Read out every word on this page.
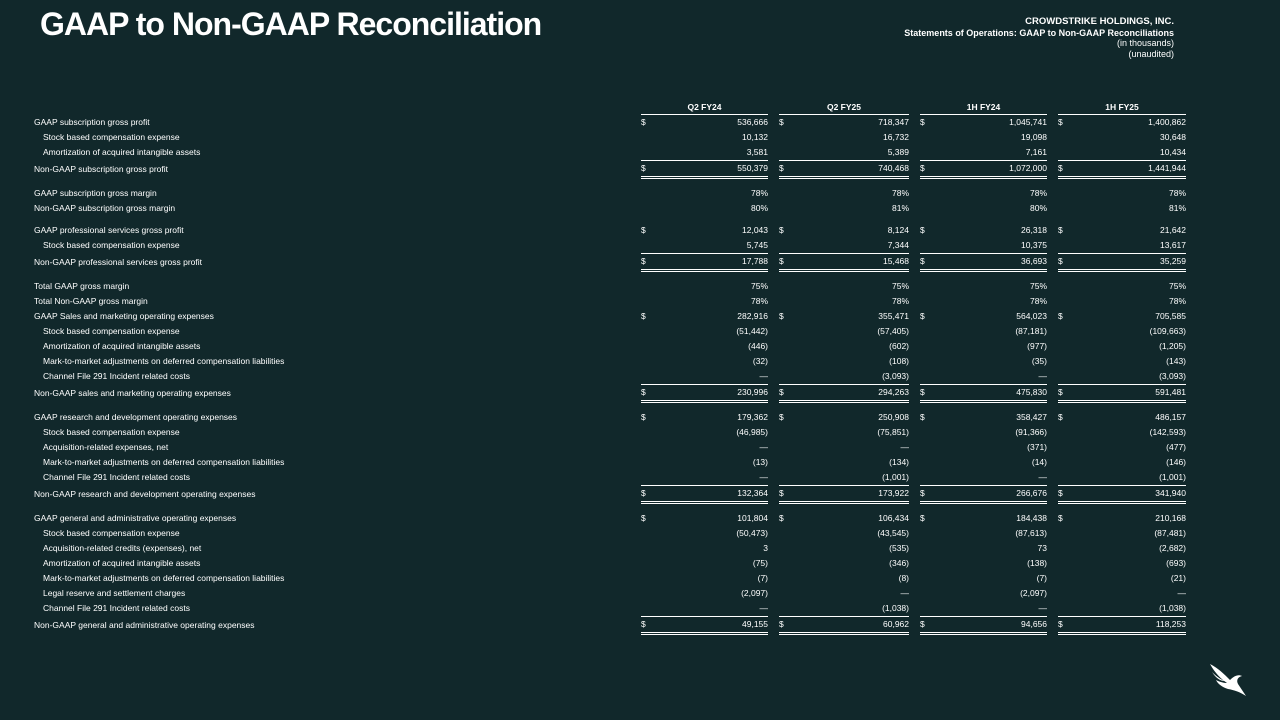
GAAP to Non-GAAP Reconciliation	CROWDSTRIKE HOLDINGS, INC.
Statements of Operations: GAAP to Non-GAAP Reconciliations
(in thousands)
(unaudited)
	Q2 FY24			Q2 FY25			1H FY24			1H FY25	
GAAP subscription gross profit	$	536,666		$	718,347		$	1,045,741		$	1,400,862
Stock based compensation expense		10,132			16,732			19,098			30,648
Amortization of acquired intangible assets		3,581			5,389			7,161			10,434
Non-GAAP subscription gross profit	$	550,379		$	740,468		$	1,072,000		$	1,441,944

GAAP subscription gross margin		78%			78%			78%			78%
Non-GAAP subscription gross margin		80%			81%			80%			81%

GAAP professional services gross profit	$	12,043		$	8,124		$	26,318		$	21,642
Stock based compensation expense		5,745			7,344			10,375			13,617
Non-GAAP professional services gross profit	$	17,788		$	15,468		$	36,693		$	35,259

Total GAAP gross margin		75%			75%			75%			75%
Total Non-GAAP gross margin		78%			78%			78%			78%
GAAP Sales and marketing operating expenses	$	282,916		$	355,471		$	564,023		$	705,585
Stock based compensation expense		(51,442)			(57,405)			(87,181)			(109,663)
Amortization of acquired intangible assets		(446)			(602)			(977)			(1,205)
Mark-to-market adjustments on deferred compensation liabilities		(32)			(108)			(35)			(143)
Channel File 291 Incident related costs		—			(3,093)			—			(3,093)
Non-GAAP sales and marketing operating expenses	$	230,996		$	294,263		$	475,830		$	591,481

GAAP research and development operating expenses	$	179,362		$	250,908		$	358,427		$	486,157
Stock based compensation expense		(46,985)			(75,851)			(91,366)			(142,593)
Acquisition-related expenses, net		—			—			(371)			(477)
Mark-to-market adjustments on deferred compensation liabilities		(13)			(134)			(14)			(146)
Channel File 291 Incident related costs		—			(1,001)			—			(1,001)
Non-GAAP research and development operating expenses	$	132,364		$	173,922		$	266,676		$	341,940

GAAP general and administrative operating expenses	$	101,804		$	106,434		$	184,438		$	210,168
Stock based compensation expense		(50,473)			(43,545)			(87,613)			(87,481)
Acquisition-related credits (expenses), net		3			(535)			73			(2,682)
Amortization of acquired intangible assets		(75)			(346)			(138)			(693)
Mark-to-market adjustments on deferred compensation liabilities		(7)			(8)			(7)			(21)
Legal reserve and settlement charges		(2,097)			—			(2,097)			—
Channel File 291 Incident related costs		—			(1,038)			—			(1,038)
Non-GAAP general and administrative operating expenses	$	49,155		$	60,962		$	94,656		$	118,253
